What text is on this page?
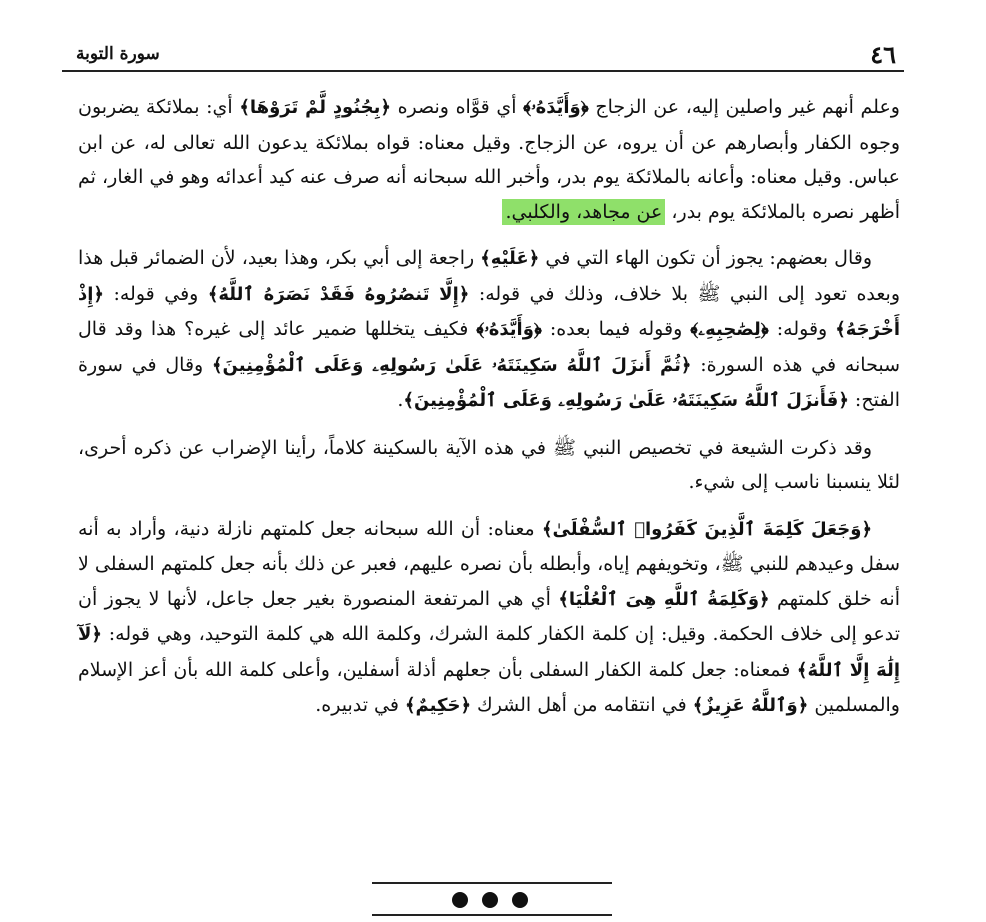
٤٦
سورة التوبة

وعلم أنهم غير واصلين إليه، عن الزجاج ﴿وَأَيَّدَهُۥ﴾ أي قوَّاه ونصره ﴿بِجُنُودٍ لَّمْ تَرَوْهَا﴾ أي: بملائكة يضربون وجوه الكفار وأبصارهم عن أن يروه، عن الزجاج. وقيل معناه: قواه بملائكة يدعون الله تعالى له، عن ابن عباس. وقيل معناه: وأعانه بالملائكة يوم بدر، وأخبر الله سبحانه أنه صرف عنه كيد أعدائه وهو في الغار، ثم أظهر نصره بالملائكة يوم بدر، عن مجاهد، والكلبي.

وقال بعضهم: يجوز أن تكون الهاء التي في ﴿عَلَيْهِ﴾ راجعة إلى أبي بكر، وهذا بعيد، لأن الضمائر قبل هذا وبعده تعود إلى النبي ﷺ بلا خلاف، وذلك في قوله: ﴿إِلَّا تَنصُرُوهُ فَقَدْ نَصَرَهُ ٱللَّهُ﴾ وفي قوله: ﴿إِذْ أَخْرَجَهُ﴾ وقوله: ﴿لِصَٰحِبِهِۦ﴾ وقوله فيما بعده: ﴿وَأَيَّدَهُۥ﴾ فكيف يتخللها ضمير عائد إلى غيره؟ هذا وقد قال سبحانه في هذه السورة: ﴿ثُمَّ أَنزَلَ ٱللَّهُ سَكِينَتَهُۥ عَلَىٰ رَسُولِهِۦ وَعَلَى ٱلْمُؤْمِنِينَ﴾ وقال في سورة الفتح: ﴿فَأَنزَلَ ٱللَّهُ سَكِينَتَهُۥ عَلَىٰ رَسُولِهِۦ وَعَلَى ٱلْمُؤْمِنِينَ﴾.

وقد ذكرت الشيعة في تخصيص النبي ﷺ في هذه الآية بالسكينة كلاماً، رأينا الإضراب عن ذكره أحرى، لئلا ينسبنا ناسب إلى شيء.

﴿وَجَعَلَ كَلِمَةَ ٱلَّذِينَ كَفَرُوا۟ ٱلسُّفْلَىٰ﴾ معناه: أن الله سبحانه جعل كلمتهم نازلة دنية، وأراد به أنه سفل وعيدهم للنبي ﷺ، وتخويفهم إياه، وأبطله بأن نصره عليهم، فعبر عن ذلك بأنه جعل كلمتهم السفلى لا أنه خلق كلمتهم ﴿وَكَلِمَةُ ٱللَّهِ هِىَ ٱلْعُلْيَا﴾ أي هي المرتفعة المنصورة بغير جعل جاعل، لأنها لا يجوز أن تدعو إلى خلاف الحكمة. وقيل: إن كلمة الكفار كلمة الشرك، وكلمة الله هي كلمة التوحيد، وهي قوله: ﴿لَآ إِلَٰهَ إِلَّا ٱللَّهُ﴾ فمعناه: جعل كلمة الكفار السفلى بأن جعلهم أذلة أسفلين، وأعلى كلمة الله بأن أعز الإسلام والمسلمين ﴿وَٱللَّهُ عَزِيزٌ﴾ في انتقامه من أهل الشرك ﴿حَكِيمٌ﴾ في تدبيره.
